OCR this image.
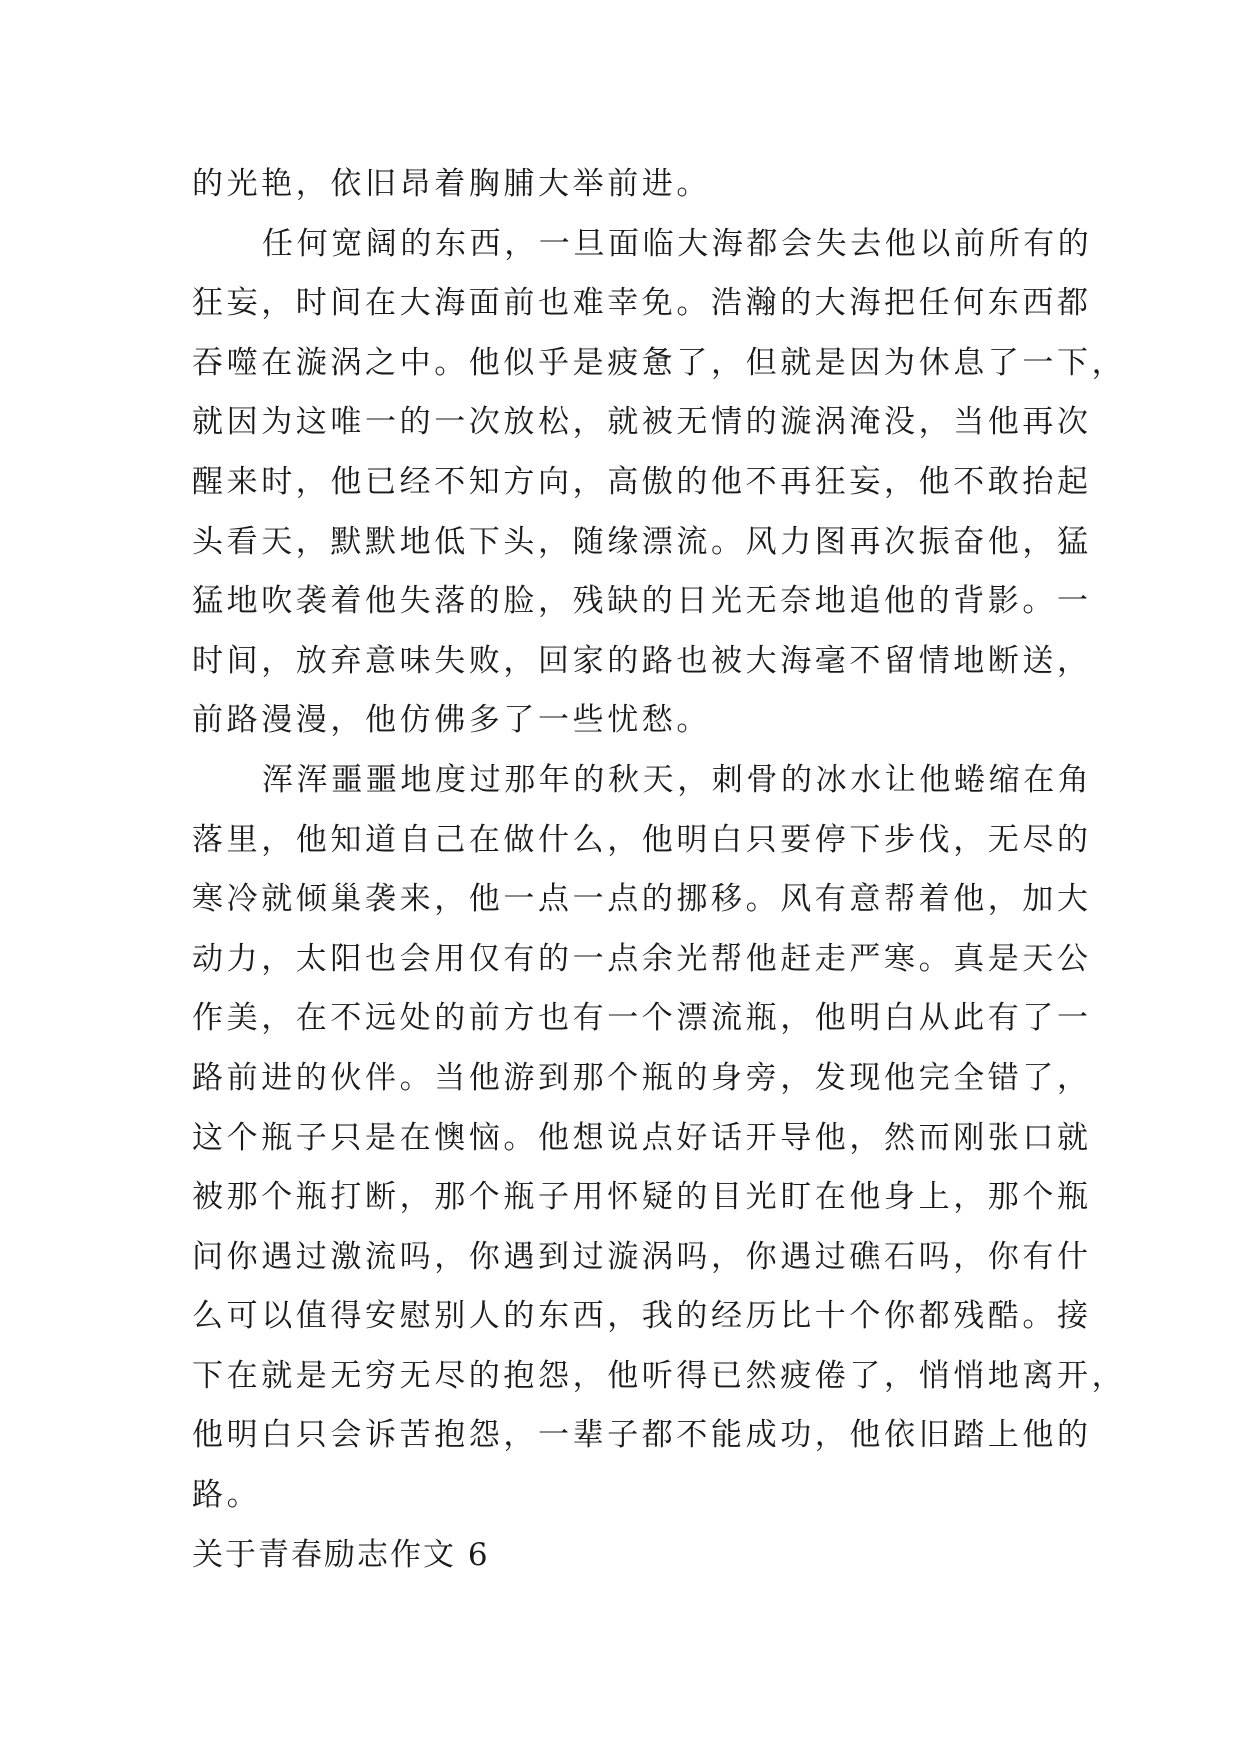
的光艳，依旧昂着胸脯大举前进。
任何宽阔的东西，一旦面临大海都会失去他以前所有的
狂妄，时间在大海面前也难幸免。浩瀚的大海把任何东西都
吞噬在漩涡之中。他似乎是疲惫了，但就是因为休息了一下，
就因为这唯一的一次放松，就被无情的漩涡淹没，当他再次
醒来时，他已经不知方向，高傲的他不再狂妄，他不敢抬起
头看天，默默地低下头，随缘漂流。风力图再次振奋他，猛
猛地吹袭着他失落的脸，残缺的日光无奈地追他的背影。一
时间，放弃意味失败，回家的路也被大海毫不留情地断送，
前路漫漫，他仿佛多了一些忧愁。
浑浑噩噩地度过那年的秋天，刺骨的冰水让他蜷缩在角
落里，他知道自己在做什么，他明白只要停下步伐，无尽的
寒冷就倾巢袭来，他一点一点的挪移。风有意帮着他，加大
动力，太阳也会用仅有的一点余光帮他赶走严寒。真是天公
作美，在不远处的前方也有一个漂流瓶，他明白从此有了一
路前进的伙伴。当他游到那个瓶的身旁，发现他完全错了，
这个瓶子只是在懊恼。他想说点好话开导他，然而刚张口就
被那个瓶打断，那个瓶子用怀疑的目光盯在他身上，那个瓶
问你遇过激流吗，你遇到过漩涡吗，你遇过礁石吗，你有什
么可以值得安慰别人的东西，我的经历比十个你都残酷。接
下在就是无穷无尽的抱怨，他听得已然疲倦了，悄悄地离开，
他明白只会诉苦抱怨，一辈子都不能成功，他依旧踏上他的
路。
关于青春励志作文 6
